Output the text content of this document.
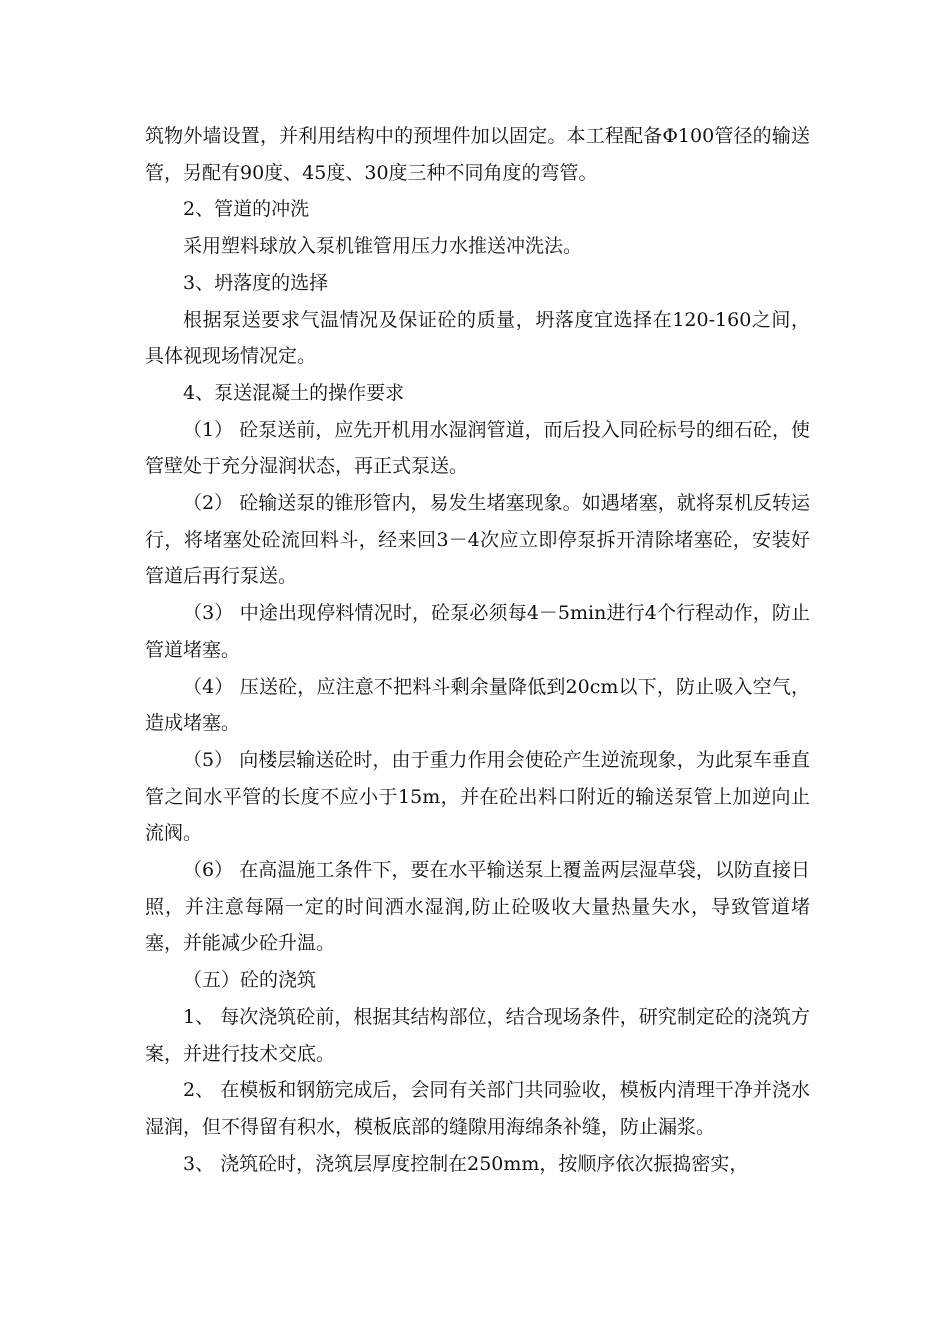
筑物外墙设置，并利用结构中的预埋件加以固定。本工程配备Φ100管径的输送管，另配有90度、45度、30度三种不同角度的弯管。

2、管道的冲洗

采用塑料球放入泵机锥管用压力水推送冲洗法。

3、坍落度的选择

根据泵送要求气温情况及保证砼的质量，坍落度宜选择在120-160之间，具体视现场情况定。

4、泵送混凝土的操作要求

（1） 砼泵送前，应先开机用水湿润管道，而后投入同砼标号的细石砼，使管壁处于充分湿润状态，再正式泵送。

（2） 砼输送泵的锥形管内，易发生堵塞现象。如遇堵塞，就将泵机反转运行，将堵塞处砼流回料斗，经来回3－4次应立即停泵拆开清除堵塞砼，安装好管道后再行泵送。

（3） 中途出现停料情况时，砼泵必须每4－5min进行4个行程动作，防止管道堵塞。

（4） 压送砼，应注意不把料斗剩余量降低到20cm以下，防止吸入空气，造成堵塞。

（5） 向楼层输送砼时，由于重力作用会使砼产生逆流现象，为此泵车垂直管之间水平管的长度不应小于15m，并在砼出料口附近的输送泵管上加逆向止流阀。

（6） 在高温施工条件下，要在水平输送泵上覆盖两层湿草袋，以防直接日照，并注意每隔一定的时间洒水湿润,防止砼吸收大量热量失水，导致管道堵塞，并能减少砼升温。

（五）砼的浇筑

1、 每次浇筑砼前，根据其结构部位，结合现场条件，研究制定砼的浇筑方案，并进行技术交底。

2、 在模板和钢筋完成后，会同有关部门共同验收，模板内清理干净并浇水湿润，但不得留有积水，模板底部的缝隙用海绵条补缝，防止漏浆。

3、 浇筑砼时，浇筑层厚度控制在250mm，按顺序依次振捣密实，
